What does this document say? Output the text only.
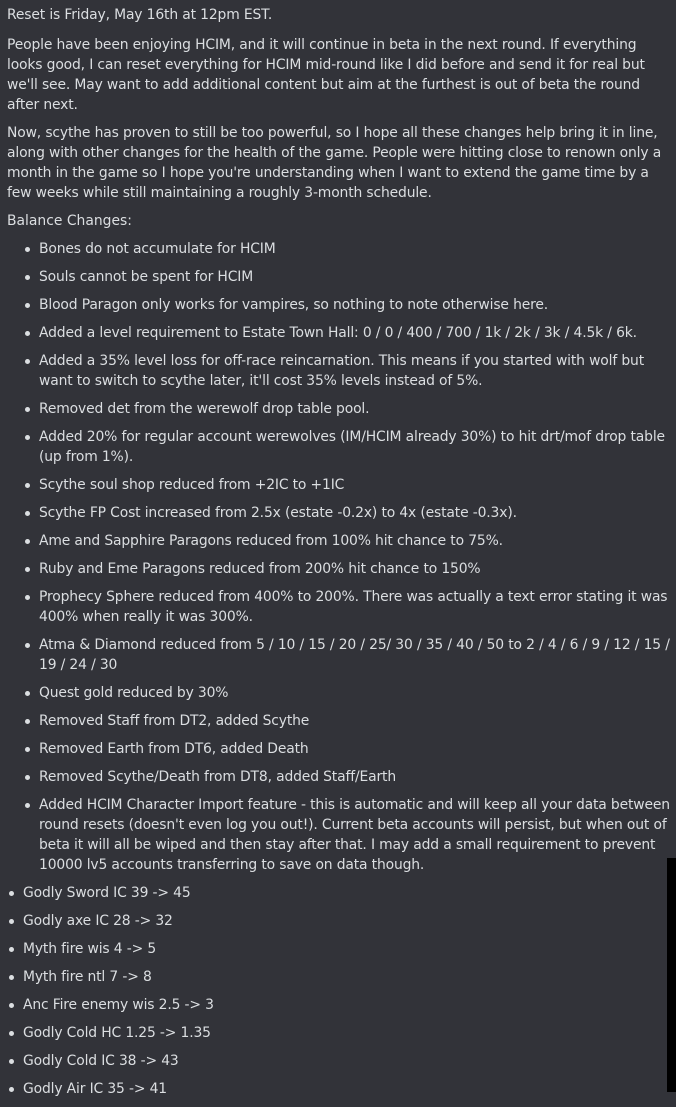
Reset is Friday, May 16th at 12pm EST.

People have been enjoying HCIM, and it will continue in beta in the next round. If everything looks good, I can reset everything for HCIM mid-round like I did before and send it for real but we'll see. May want to add additional content but aim at the furthest is out of beta the round after next.

Now, scythe has proven to still be too powerful, so I hope all these changes help bring it in line, along with other changes for the health of the game. People were hitting close to renown only a month in the game so I hope you're understanding when I want to extend the game time by a few weeks while still maintaining a roughly 3-month schedule.

Balance Changes:
Bones do not accumulate for HCIM
Souls cannot be spent for HCIM
Blood Paragon only works for vampires, so nothing to note otherwise here.
Added a level requirement to Estate Town Hall: 0 / 0 / 400 / 700 / 1k / 2k / 3k / 4.5k / 6k.
Added a 35% level loss for off-race reincarnation. This means if you started with wolf but want to switch to scythe later, it'll cost 35% levels instead of 5%.
Removed det from the werewolf drop table pool.
Added 20% for regular account werewolves (IM/HCIM already 30%) to hit drt/mof drop table (up from 1%).
Scythe soul shop reduced from +2IC to +1IC
Scythe FP Cost increased from 2.5x (estate -0.2x) to 4x (estate -0.3x).
Ame and Sapphire Paragons reduced from 100% hit chance to 75%.
Ruby and Eme Paragons reduced from 200% hit chance to 150%
Prophecy Sphere reduced from 400% to 200%. There was actually a text error stating it was 400% when really it was 300%.
Atma & Diamond reduced from 5 / 10 / 15 / 20 / 25/ 30 / 35 / 40 / 50 to 2 / 4 / 6 / 9 / 12 / 15 / 19 / 24 / 30
Quest gold reduced by 30%
Removed Staff from DT2, added Scythe
Removed Earth from DT6, added Death
Removed Scythe/Death from DT8, added Staff/Earth
Added HCIM Character Import feature - this is automatic and will keep all your data between round resets (doesn't even log you out!). Current beta accounts will persist, but when out of beta it will all be wiped and then stay after that. I may add a small requirement to prevent 10000 lv5 accounts transferring to save on data though.
Godly Sword IC 39 -> 45
Godly axe IC 28 -> 32
Myth fire wis 4 -> 5
Myth fire ntl 7 -> 8
Anc Fire enemy wis 2.5 -> 3
Godly Cold HC 1.25 -> 1.35
Godly Cold IC 38 -> 43
Godly Air IC 35 -> 41
